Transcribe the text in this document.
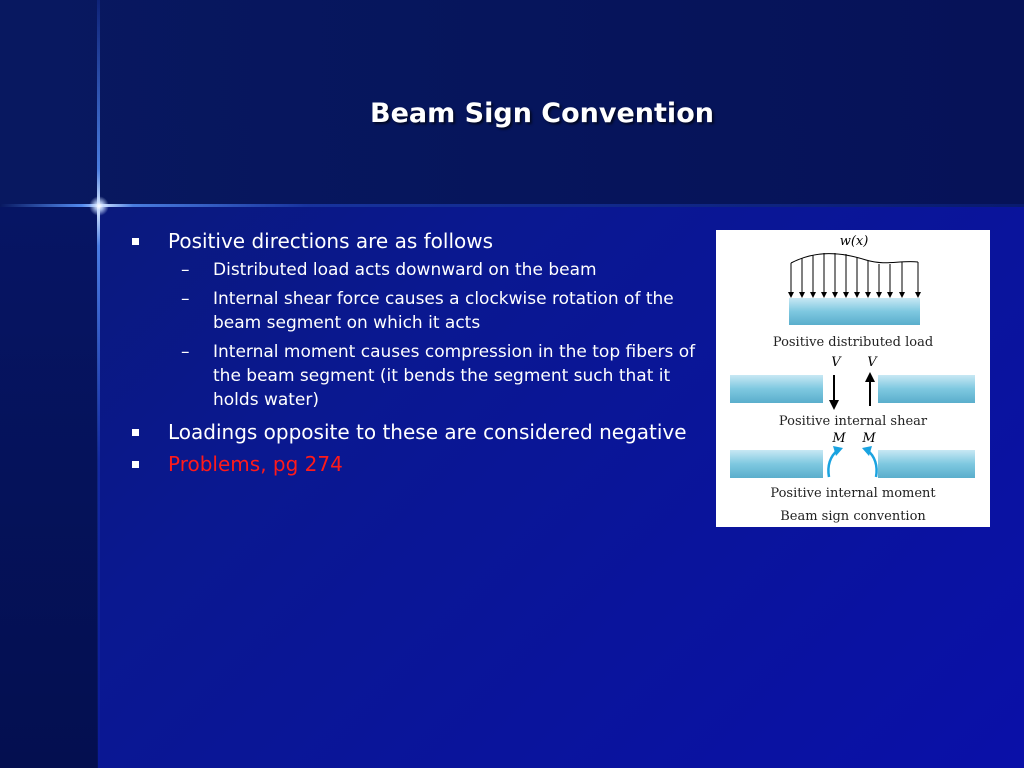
Beam Sign Convention
Positive directions are as follows
– Distributed load acts downward on the beam
– Internal shear force causes a clockwise rotation of the beam segment on which it acts
– Internal moment causes compression in the top fibers of the beam segment (it bends the segment such that it holds water)
Loadings opposite to these are considered negative
Problems, pg 274
w(x)
Positive distributed load
V V
Positive internal shear
M M
Positive internal moment
Beam sign convention
